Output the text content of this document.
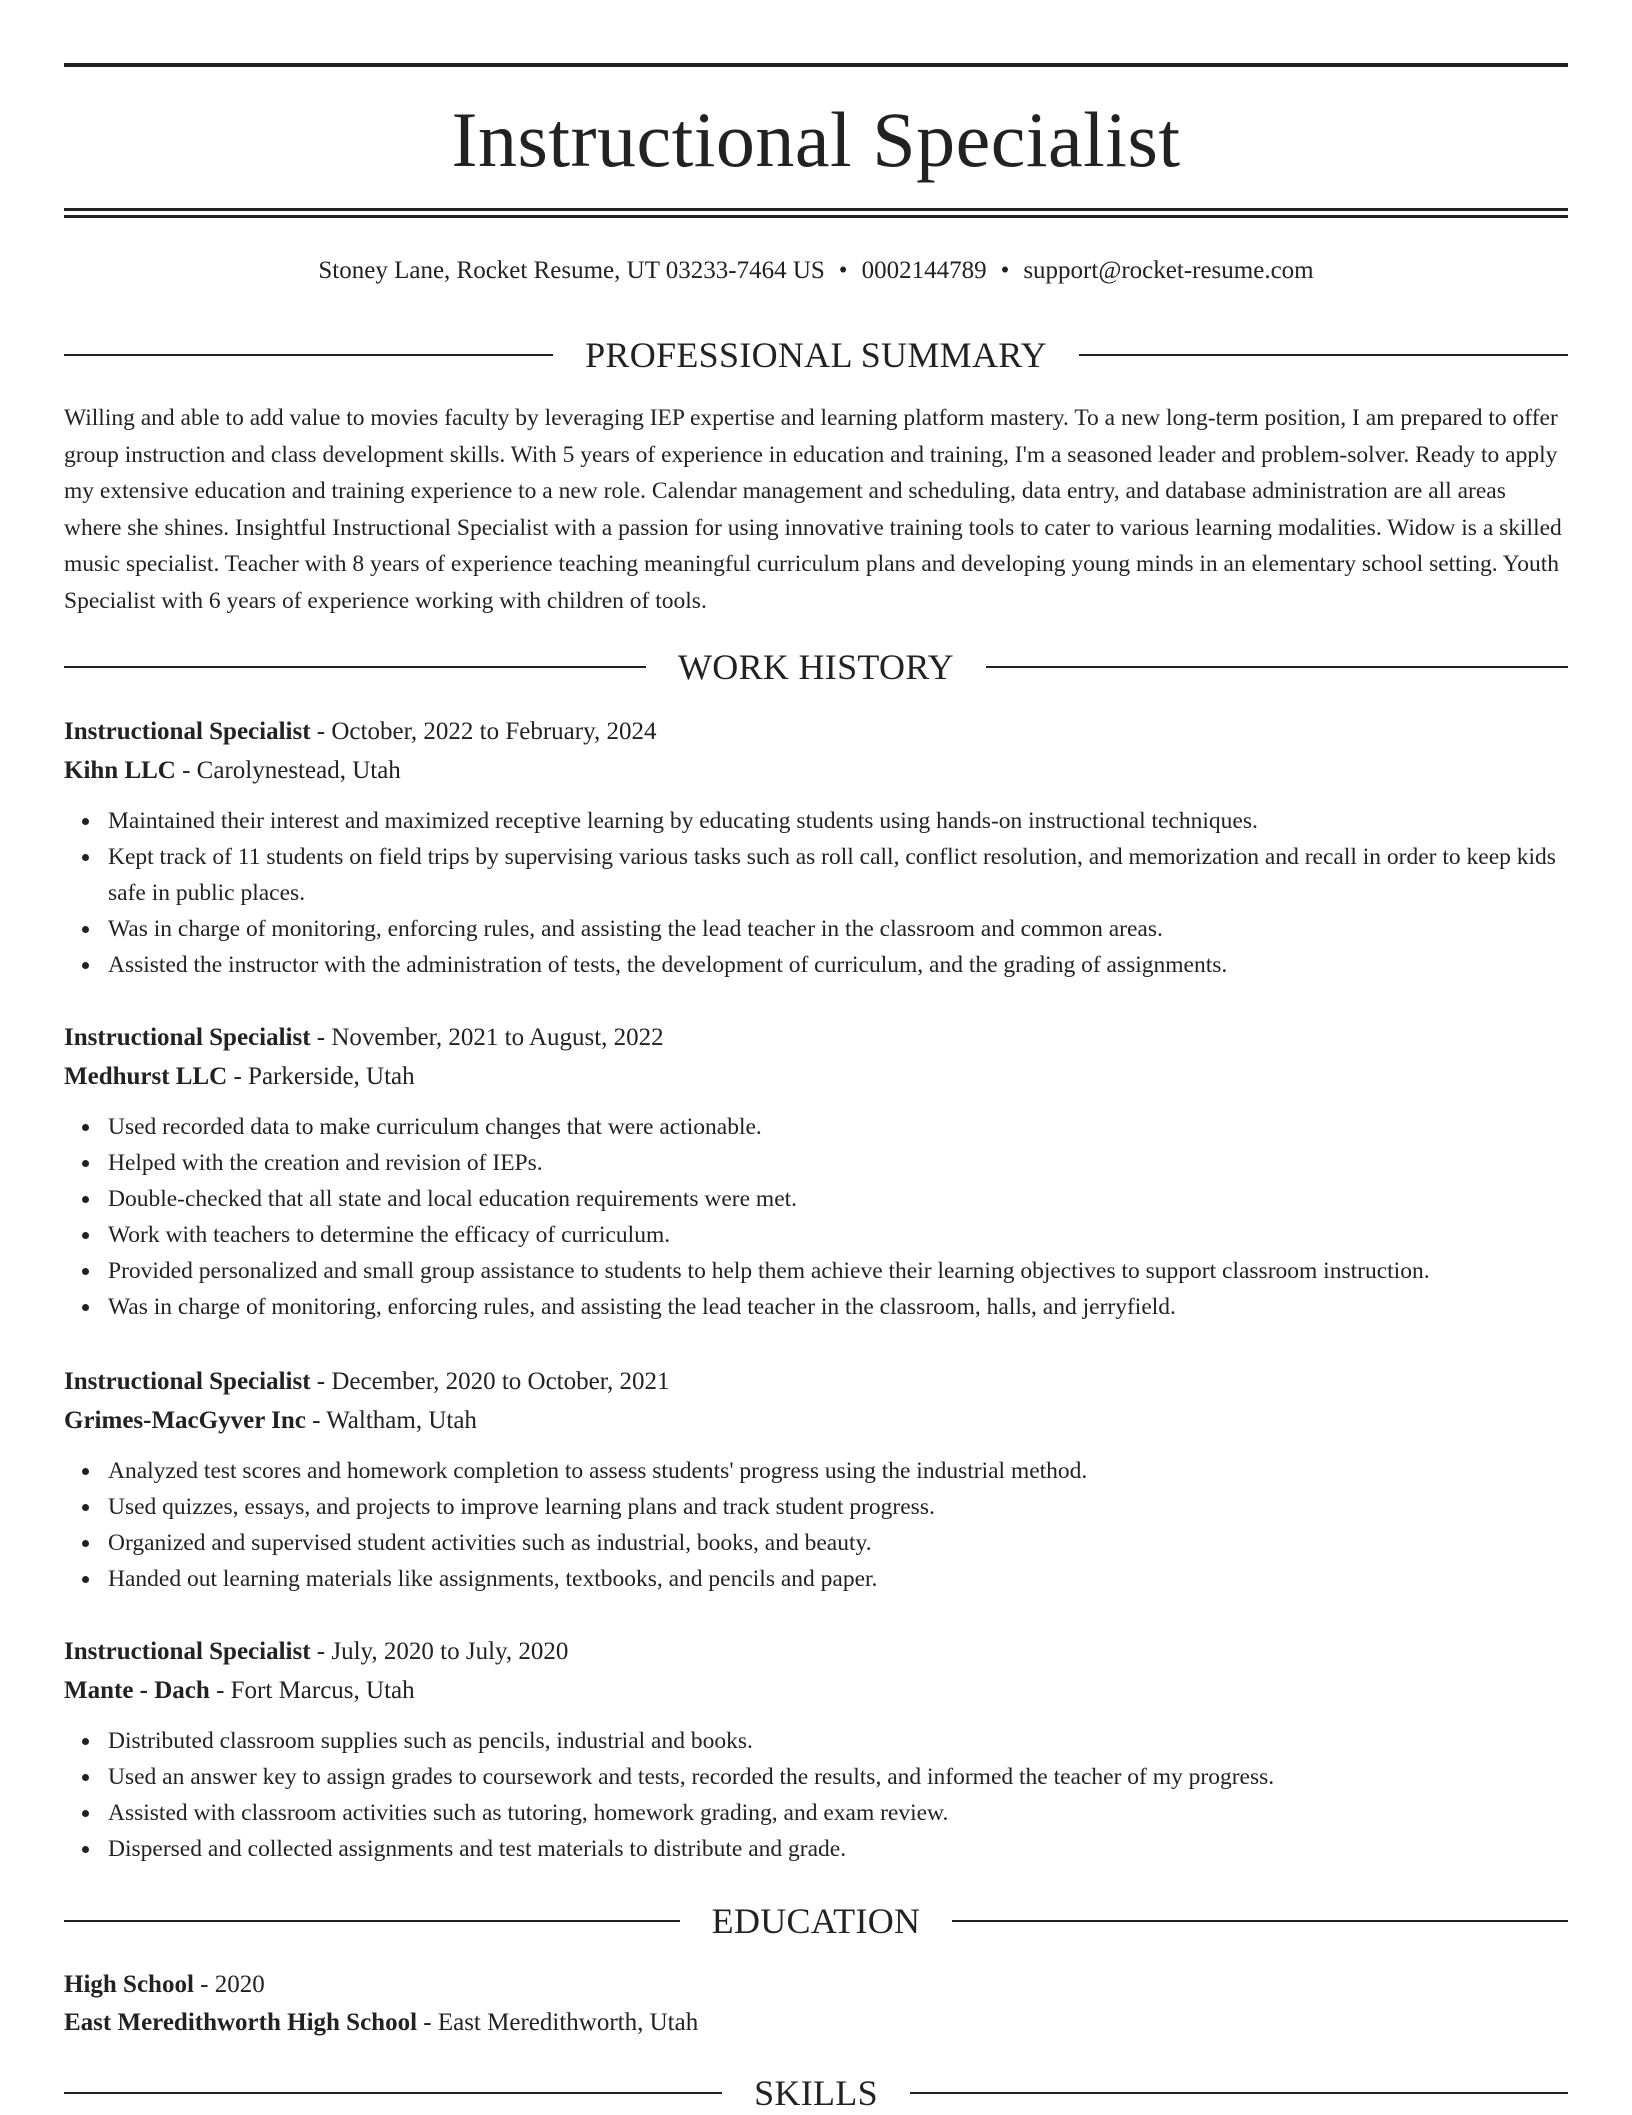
Instructional Specialist
Stoney Lane, Rocket Resume, UT 03233-7464 US • 0002144789 • support@rocket-resume.com
PROFESSIONAL SUMMARY

Willing and able to add value to movies faculty by leveraging IEP expertise and learning platform mastery. To a new long-term position, I am prepared to offer group instruction and class development skills. With 5 years of experience in education and training, I'm a seasoned leader and problem-solver. Ready to apply my extensive education and training experience to a new role. Calendar management and scheduling, data entry, and database administration are all areas where she shines. Insightful Instructional Specialist with a passion for using innovative training tools to cater to various learning modalities. Widow is a skilled music specialist. Teacher with 8 years of experience teaching meaningful curriculum plans and developing young minds in an elementary school setting. Youth Specialist with 6 years of experience working with children of tools.

WORK HISTORY
Instructional Specialist - October, 2022 to February, 2024
Kihn LLC - Carolynestead, Utah
Maintained their interest and maximized receptive learning by educating students using hands-on instructional techniques.
Kept track of 11 students on field trips by supervising various tasks such as roll call, conflict resolution, and memorization and recall in order to keep kids safe in public places.
Was in charge of monitoring, enforcing rules, and assisting the lead teacher in the classroom and common areas.
Assisted the instructor with the administration of tests, the development of curriculum, and the grading of assignments.
Instructional Specialist - November, 2021 to August, 2022
Medhurst LLC - Parkerside, Utah
Used recorded data to make curriculum changes that were actionable.
Helped with the creation and revision of IEPs.
Double-checked that all state and local education requirements were met.
Work with teachers to determine the efficacy of curriculum.
Provided personalized and small group assistance to students to help them achieve their learning objectives to support classroom instruction.
Was in charge of monitoring, enforcing rules, and assisting the lead teacher in the classroom, halls, and jerryfield.
Instructional Specialist - December, 2020 to October, 2021
Grimes-MacGyver Inc - Waltham, Utah
Analyzed test scores and homework completion to assess students' progress using the industrial method.
Used quizzes, essays, and projects to improve learning plans and track student progress.
Organized and supervised student activities such as industrial, books, and beauty.
Handed out learning materials like assignments, textbooks, and pencils and paper.
Instructional Specialist - July, 2020 to July, 2020
Mante - Dach - Fort Marcus, Utah
Distributed classroom supplies such as pencils, industrial and books.
Used an answer key to assign grades to coursework and tests, recorded the results, and informed the teacher of my progress.
Assisted with classroom activities such as tutoring, homework grading, and exam review.
Dispersed and collected assignments and test materials to distribute and grade.
EDUCATION
High School - 2020
East Meredithworth High School - East Meredithworth, Utah
SKILLS
